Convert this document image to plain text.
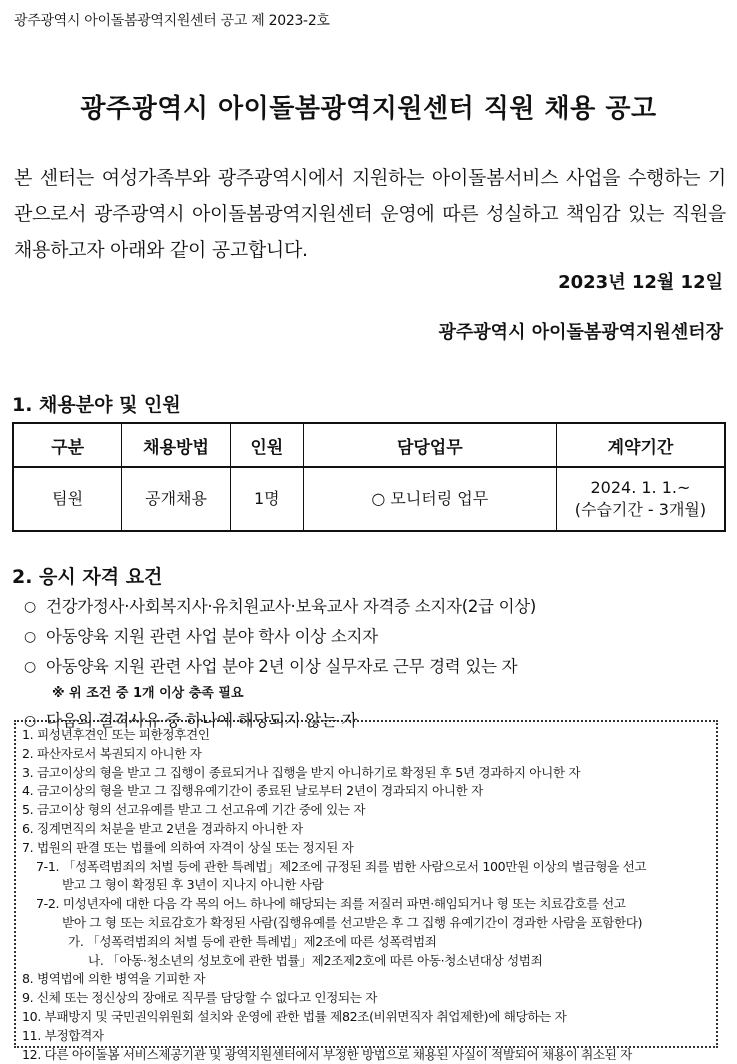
광주광역시 아이돌봄광역지원센터 공고 제 2023-2호
광주광역시 아이돌봄광역지원센터 직원 채용 공고
본 센터는 여성가족부와 광주광역시에서 지원하는 아이돌봄서비스 사업을 수행하는 기관으로서 광주광역시 아이돌봄광역지원센터 운영에 따른 성실하고 책임감 있는 직원을 채용하고자 아래와 같이 공고합니다.
2023년 12월 12일
광주광역시 아이돌봄광역지원센터장
1. 채용분야 및 인원
구분	채용방법	인원	담당업무	계약기간
팀원	공개채용	1명	○ 모니터링 업무	2024. 1. 1.~
(수습기간 - 3개월)
2. 응시 자격 요건
○ 건강가정사·사회복지사·유치원교사·보육교사 자격증 소지자(2급 이상)
○ 아동양육 지원 관련 사업 분야 학사 이상 소지자
○ 아동양육 지원 관련 사업 분야 2년 이상 실무자로 근무 경력 있는 자
※ 위 조건 중 1개 이상 충족 필요
○ 다음의 결격사유 중 하나에 해당되지 않는 자
1. 피성년후견인 또는 피한정후견인
2. 파산자로서 복권되지 아니한 자
3. 금고이상의 형을 받고 그 집행이 종료되거나 집행을 받지 아니하기로 확정된 후 5년 경과하지 아니한 자
4. 금고이상의 형을 받고 그 집행유예기간이 종료된 날로부터 2년이 경과되지 아니한 자
5. 금고이상 형의 선고유예를 받고 그 선고유예 기간 중에 있는 자
6. 징계면직의 처분을 받고 2년을 경과하지 아니한 자
7. 법원의 판결 또는 법률에 의하여 자격이 상실 또는 정지된 자
7-1. 「성폭력범죄의 처벌 등에 관한 특례법」제2조에 규정된 죄를 범한 사람으로서 100만원 이상의 벌금형을 선고
받고 그 형이 확정된 후 3년이 지나지 아니한 사람
7-2. 미성년자에 대한 다음 각 목의 어느 하나에 해당되는 죄를 저질러 파면·해임되거나 형 또는 치료감호를 선고
받아 그 형 또는 치료감호가 확정된 사람(집행유예를 선고받은 후 그 집행 유예기간이 경과한 사람을 포함한다)
가. 「성폭력범죄의 처벌 등에 관한 특례법」제2조에 따른 성폭력범죄
나. 「아동·청소년의 성보호에 관한 법률」제2조제2호에 따른 아동·청소년대상 성범죄
8. 병역법에 의한 병역을 기피한 자
9. 신체 또는 정신상의 장애로 직무를 담당할 수 없다고 인정되는 자
10. 부패방지 및 국민권익위원회 설치와 운영에 관한 법률 제82조(비위면직자 취업제한)에 해당하는 자
11. 부정합격자
12. 다른 아이돌봄 서비스제공기관 및 광역지원센터에서 부정한 방법으로 채용된 사실이 적발되어 채용이 취소된 자
